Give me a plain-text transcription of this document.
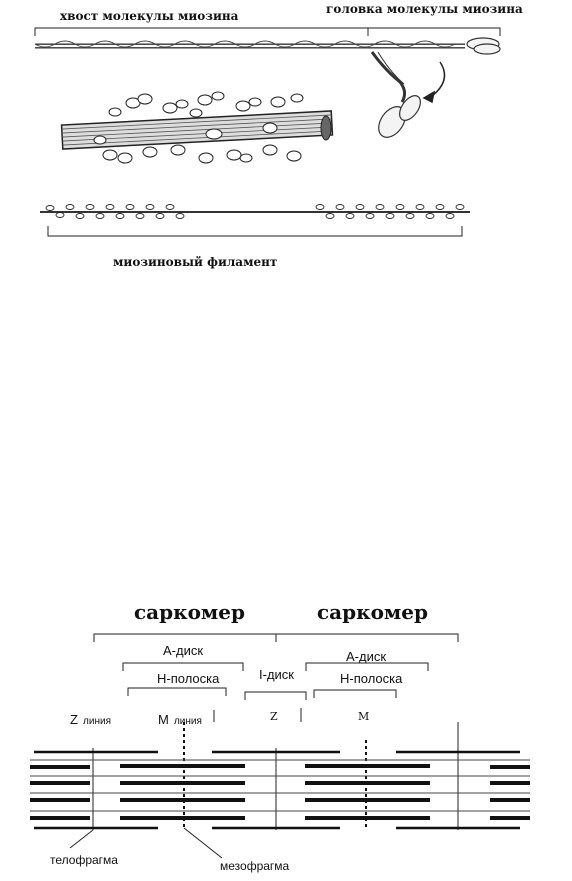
хвост молекулы миозина	головка молекулы миозина
миозиновый филамент
саркомер	саркомер
А-диск	А-диск
I-диск
Н-полоска	Н-полоска
Z линия	M линия	Z	M
телофрагма	мезофрагма
